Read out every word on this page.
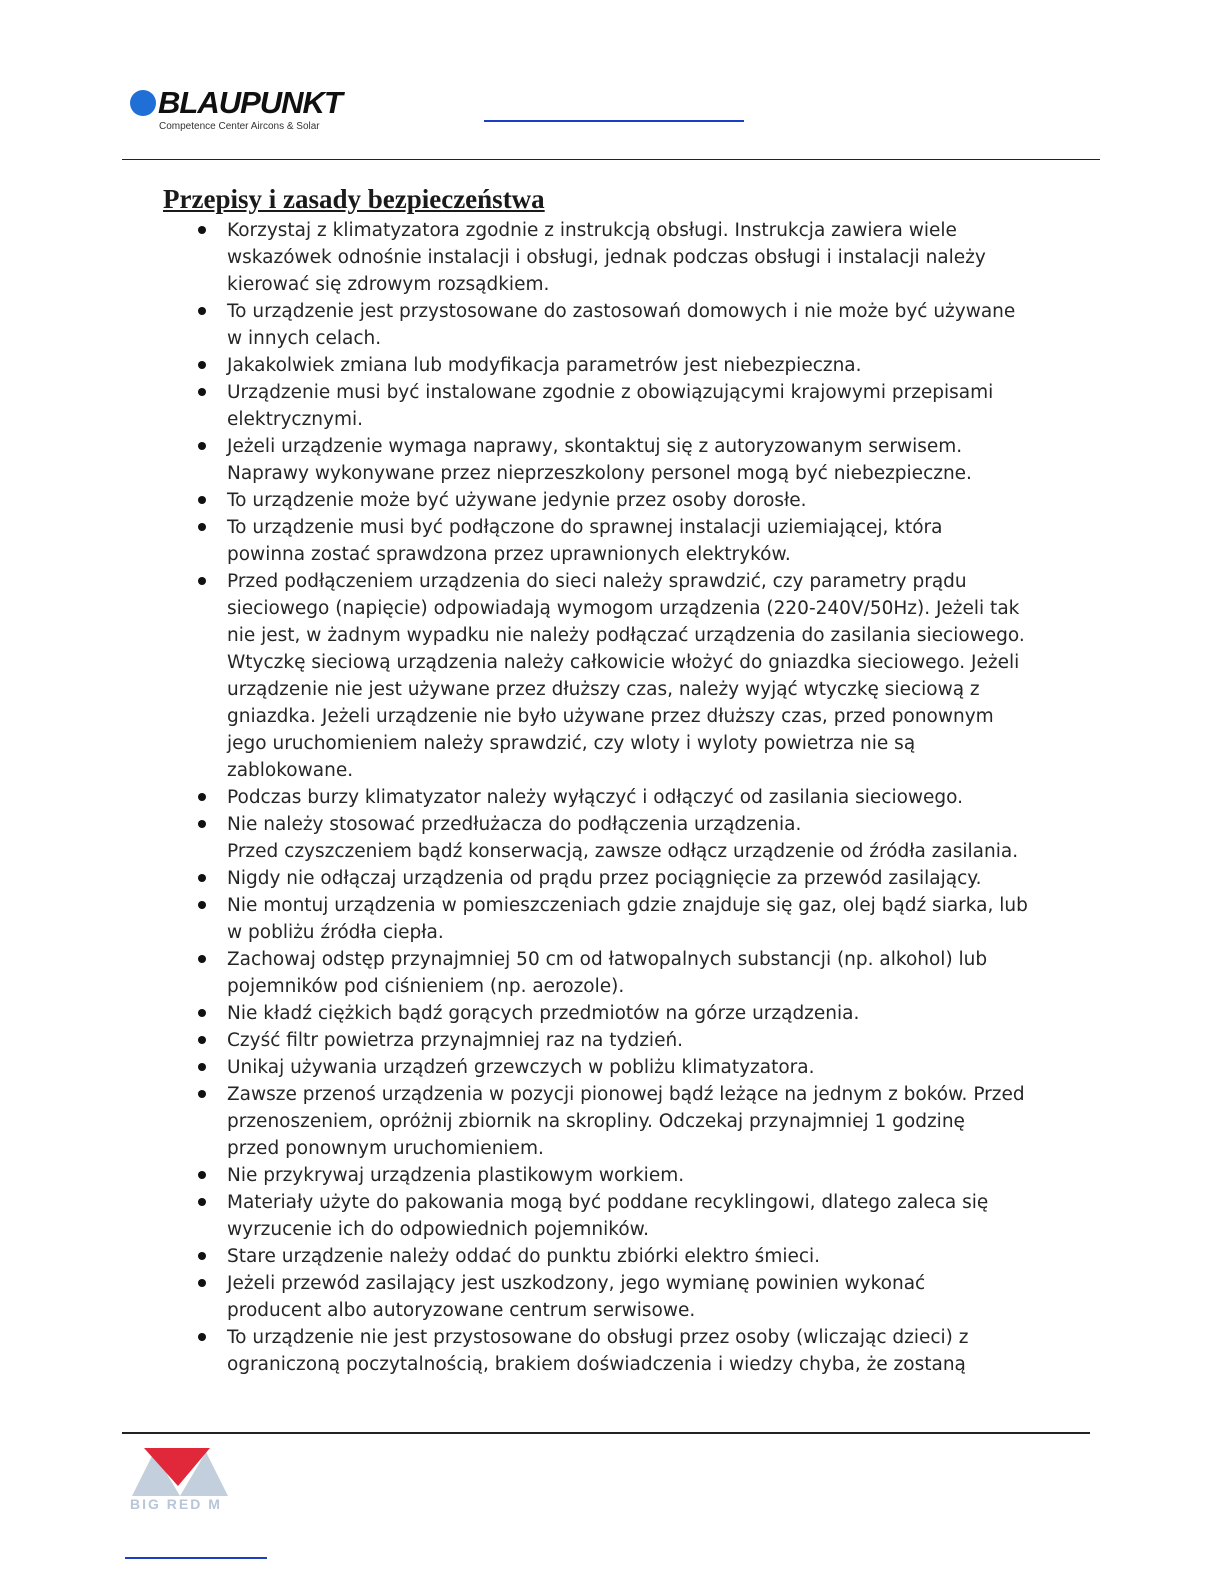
BLAUPUNKT
Competence Center Aircons & Solar
Przepisy i zasady bezpieczeństwa
Korzystaj z klimatyzatora zgodnie z instrukcją obsługi. Instrukcja zawiera wiele
wskazówek odnośnie instalacji i obsługi, jednak podczas obsługi i instalacji należy
kierować się zdrowym rozsądkiem.
To urządzenie jest przystosowane do zastosowań domowych i nie może być używane
w innych celach.
Jakakolwiek zmiana lub modyfikacja parametrów jest niebezpieczna.
Urządzenie musi być instalowane zgodnie z obowiązującymi krajowymi przepisami
elektrycznymi.
Jeżeli urządzenie wymaga naprawy, skontaktuj się z autoryzowanym serwisem.
Naprawy wykonywane przez nieprzeszkolony personel mogą być niebezpieczne.
To urządzenie może być używane jedynie przez osoby dorosłe.
To urządzenie musi być podłączone do sprawnej instalacji uziemiającej, która
powinna zostać sprawdzona przez uprawnionych elektryków.
Przed podłączeniem urządzenia do sieci należy sprawdzić, czy parametry prądu
sieciowego (napięcie) odpowiadają wymogom urządzenia (220-240V/50Hz). Jeżeli tak
nie jest, w żadnym wypadku nie należy podłączać urządzenia do zasilania sieciowego.
Wtyczkę sieciową urządzenia należy całkowicie włożyć do gniazdka sieciowego. Jeżeli
urządzenie nie jest używane przez dłuższy czas, należy wyjąć wtyczkę sieciową z
gniazdka. Jeżeli urządzenie nie było używane przez dłuższy czas, przed ponownym
jego uruchomieniem należy sprawdzić, czy wloty i wyloty powietrza nie są
zablokowane.
Podczas burzy klimatyzator należy wyłączyć i odłączyć od zasilania sieciowego.
Nie należy stosować przedłużacza do podłączenia urządzenia.
Przed czyszczeniem bądź konserwacją, zawsze odłącz urządzenie od źródła zasilania.
Nigdy nie odłączaj urządzenia od prądu przez pociągnięcie za przewód zasilający.
Nie montuj urządzenia w pomieszczeniach gdzie znajduje się gaz, olej bądź siarka, lub
w pobliżu źródła ciepła.
Zachowaj odstęp przynajmniej 50 cm od łatwopalnych substancji (np. alkohol) lub
pojemników pod ciśnieniem (np. aerozole).
Nie kładź ciężkich bądź gorących przedmiotów na górze urządzenia.
Czyść filtr powietrza przynajmniej raz na tydzień.
Unikaj używania urządzeń grzewczych w pobliżu klimatyzatora.
Zawsze przenoś urządzenia w pozycji pionowej bądź leżące na jednym z boków. Przed
przenoszeniem, opróżnij zbiornik na skropliny. Odczekaj przynajmniej 1 godzinę
przed ponownym uruchomieniem.
Nie przykrywaj urządzenia plastikowym workiem.
Materiały użyte do pakowania mogą być poddane recyklingowi, dlatego zaleca się
wyrzucenie ich do odpowiednich pojemników.
Stare urządzenie należy oddać do punktu zbiórki elektro śmieci.
Jeżeli przewód zasilający jest uszkodzony, jego wymianę powinien wykonać
producent albo autoryzowane centrum serwisowe.
To urządzenie nie jest przystosowane do obsługi przez osoby (wliczając dzieci) z
ograniczoną poczytalnością, brakiem doświadczenia i wiedzy chyba, że zostaną
BIG RED M
